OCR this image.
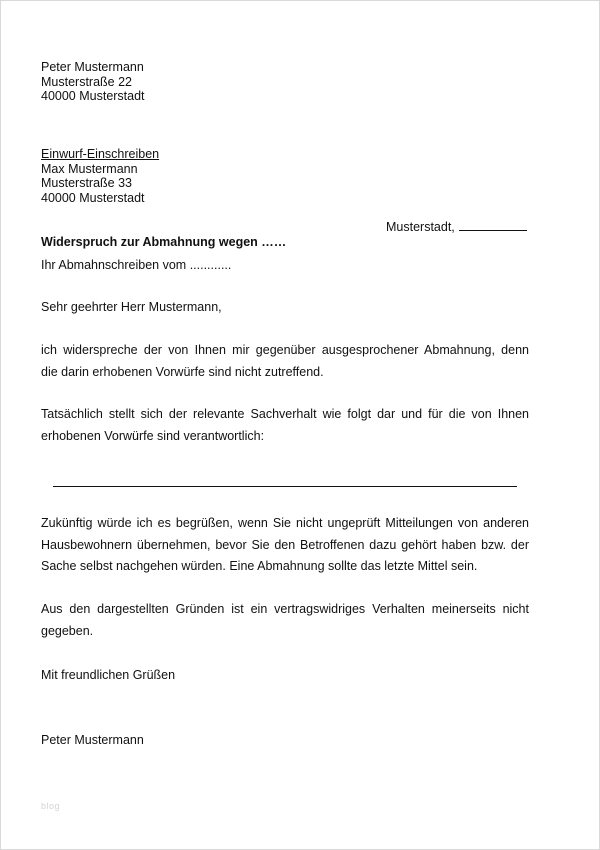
Peter Mustermann
Musterstraße 22
40000 Musterstadt
Einwurf-Einschreiben
Max Mustermann
Musterstraße 33
40000 Musterstadt
Musterstadt,
Widerspruch zur Abmahnung wegen ……
Ihr Abmahnschreiben vom ............
Sehr geehrter Herr Mustermann,
ich widerspreche der von Ihnen mir gegenüber ausgesprochener Abmahnung, denn
die darin erhobenen Vorwürfe sind nicht zutreffend.
Tatsächlich stellt sich der relevante Sachverhalt wie folgt dar und für die von Ihnen
erhobenen Vorwürfe sind verantwortlich:
Zukünftig würde ich es begrüßen, wenn Sie nicht ungeprüft Mitteilungen von anderen
Hausbewohnern übernehmen, bevor Sie den Betroffenen dazu gehört haben bzw. der
Sache selbst nachgehen würden. Eine Abmahnung sollte das letzte Mittel sein.
Aus den dargestellten Gründen ist ein vertragswidriges Verhalten meinerseits nicht
gegeben.
Mit freundlichen Grüßen
Peter Mustermann
blog
